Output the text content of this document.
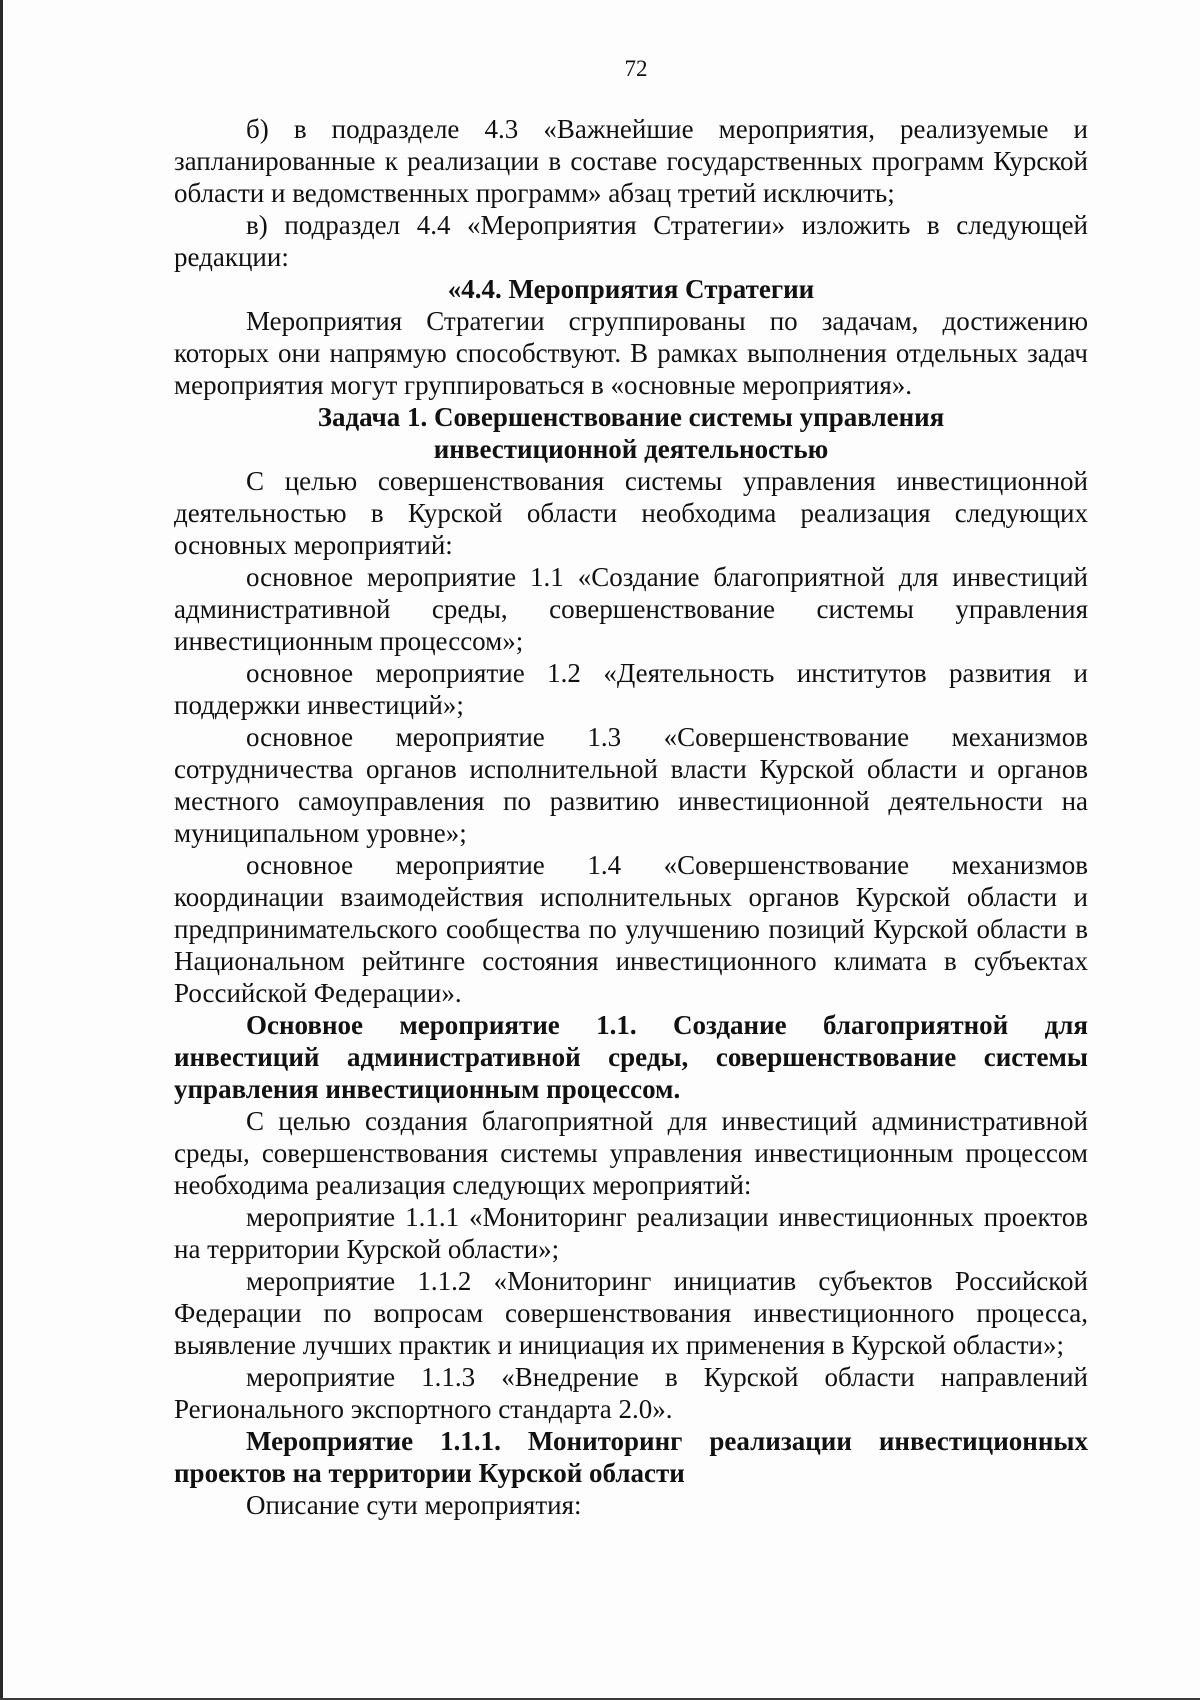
72

б) в подразделе 4.3 «Важнейшие мероприятия, реализуемые и запланированные к реализации в составе государственных программ Курской области и ведомственных программ» абзац третий исключить;

в) подраздел 4.4 «Мероприятия Стратегии» изложить в следующей редакции:

«4.4. Мероприятия Стратегии

Мероприятия Стратегии сгруппированы по задачам, достижению которых они напрямую способствуют. В рамках выполнения отдельных задач мероприятия могут группироваться в «основные мероприятия».

Задача 1. Совершенствование системы управления
инвестиционной деятельностью

С целью совершенствования системы управления инвестиционной деятельностью в Курской области необходима реализация следующих основных мероприятий:

основное мероприятие 1.1 «Создание благоприятной для инвестиций административной среды, совершенствование системы управления инвестиционным процессом»;

основное мероприятие 1.2 «Деятельность институтов развития и поддержки инвестиций»;

основное мероприятие 1.3 «Совершенствование механизмов сотрудничества органов исполнительной власти Курской области и органов местного самоуправления по развитию инвестиционной деятельности на муниципальном уровне»;

основное мероприятие 1.4 «Совершенствование механизмов координации взаимодействия исполнительных органов Курской области и предпринимательского сообщества по улучшению позиций Курской области в Национальном рейтинге состояния инвестиционного климата в субъектах Российской Федерации».

Основное мероприятие 1.1. Создание благоприятной для инвестиций административной среды, совершенствование системы управления инвестиционным процессом.

С целью создания благоприятной для инвестиций административной среды, совершенствования системы управления инвестиционным процессом необходима реализация следующих мероприятий:

мероприятие 1.1.1 «Мониторинг реализации инвестиционных проектов на территории Курской области»;

мероприятие 1.1.2 «Мониторинг инициатив субъектов Российской Федерации по вопросам совершенствования инвестиционного процесса, выявление лучших практик и инициация их применения в Курской области»;

мероприятие 1.1.3 «Внедрение в Курской области направлений Регионального экспортного стандарта 2.0».

Мероприятие 1.1.1. Мониторинг реализации инвестиционных проектов на территории Курской области

Описание сути мероприятия:
